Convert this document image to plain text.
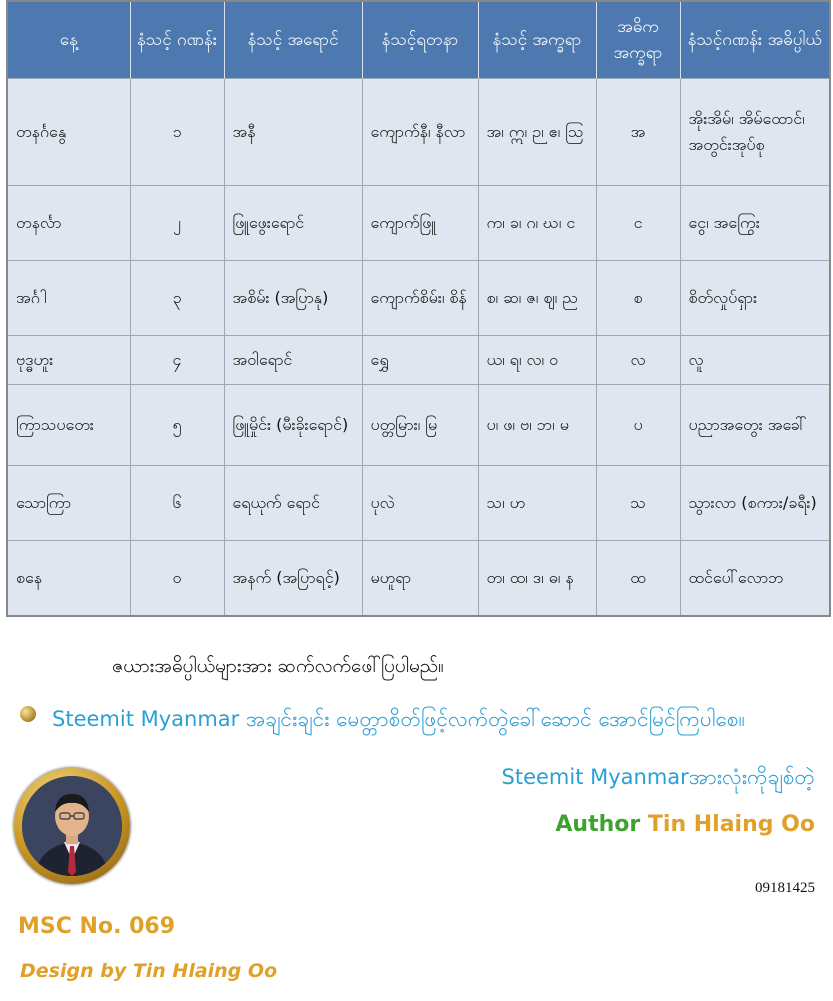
နေ့	နံသင့် ဂဏန်း	နံသင့် အရောင်	နံသင့်ရတနာ	နံသင့် အက္ခရာ	အဓိက အက္ခရာ	နံသင့်ဂဏန်း အဓိပ္ပါယ်
တနင်္ဂနွေ	၁	အနီ	ကျောက်နီ၊ နီလာ	အ၊ ဣ၊ ဉ၊ ဧ၊ ဩ	အ	အိုးအိမ်၊ အိမ်ထောင်၊ အတွင်းအုပ်စု
တနင်္လာ	၂	ဖြူဖွေးရောင်	ကျောက်ဖြူ	က၊ ခ၊ ဂ၊ ဃ၊ င	င	ငွေ၊ အကြွေး
အင်္ဂါ	၃	အစိမ်း (အပြာနု)	ကျောက်စိမ်း၊ စိန်	စ၊ ဆ၊ ဇ၊ ဈ၊ ည	စ	စိတ်လှုပ်ရှား
ဗုဒ္ဓဟူး	၄	အဝါရောင်	ရွှေ	ယ၊ ရ၊ လ၊ ဝ	လ	လူ
ကြာသပတေး	၅	ဖြူမှိုင်း (မီးခိုးရောင်)	ပတ္တမြား၊ မြ	ပ၊ ဖ၊ ဗ၊ ဘ၊ မ	ပ	ပညာအတွေး အခေါ်
သောကြာ	၆	ရေယုက် ရောင်	ပုလဲ	သ၊ ဟ	သ	သွားလာ (စကား/ခရီး)
စနေ	၀	အနက် (အပြာရင့်)	မဟူရာ	တ၊ ထ၊ ဒ၊ ဓ၊ န	ထ	ထင်ပေါ်လောဘ
ဇယားအဓိပ္ပါယ်များအား ဆက်လက်ဖေါ်ပြပါမည်။
Steemit Myanmar အချင်းချင်း မေတ္တာစိတ်ဖြင့်လက်တွဲခေါ်ဆောင် အောင်မြင်ကြပါစေ။
Steemit Myanmarအားလုံးကိုချစ်တဲ့
Author Tin Hlaing Oo
09181425
MSC No. 069
Design by Tin Hlaing Oo
